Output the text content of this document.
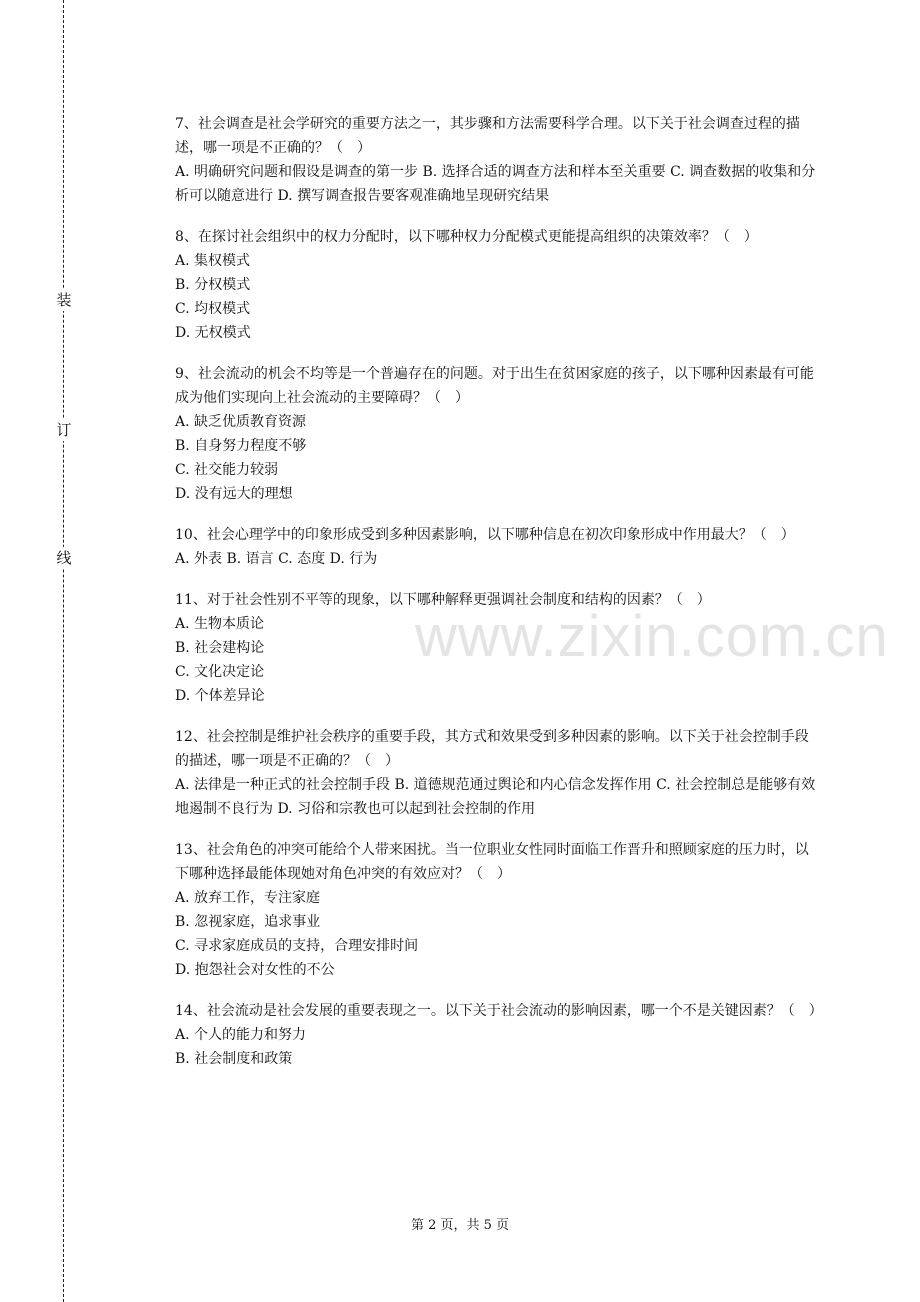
装
订
线
www.zixin.com.cn

7、社会调查是社会学研究的重要方法之一，其步骤和方法需要科学合理。以下关于社会调查过程的描述，哪一项是不正确的？（　）

A. 明确研究问题和假设是调查的第一步 B. 选择合适的调查方法和样本至关重要 C. 调查数据的收集和分析可以随意进行 D. 撰写调查报告要客观准确地呈现研究结果

8、在探讨社会组织中的权力分配时，以下哪种权力分配模式更能提高组织的决策效率？（　）

A. 集权模式
B. 分权模式
C. 均权模式
D. 无权模式

9、社会流动的机会不均等是一个普遍存在的问题。对于出生在贫困家庭的孩子，以下哪种因素最有可能成为他们实现向上社会流动的主要障碍？（　）

A. 缺乏优质教育资源
B. 自身努力程度不够
C. 社交能力较弱
D. 没有远大的理想

10、社会心理学中的印象形成受到多种因素影响，以下哪种信息在初次印象形成中作用最大？（　）

A. 外表 B. 语言 C. 态度 D. 行为

11、对于社会性别不平等的现象，以下哪种解释更强调社会制度和结构的因素？（　）

A. 生物本质论
B. 社会建构论
C. 文化决定论
D. 个体差异论

12、社会控制是维护社会秩序的重要手段，其方式和效果受到多种因素的影响。以下关于社会控制手段的描述，哪一项是不正确的？（　）

A. 法律是一种正式的社会控制手段 B. 道德规范通过舆论和内心信念发挥作用 C. 社会控制总是能够有效地遏制不良行为 D. 习俗和宗教也可以起到社会控制的作用

13、社会角色的冲突可能给个人带来困扰。当一位职业女性同时面临工作晋升和照顾家庭的压力时，以下哪种选择最能体现她对角色冲突的有效应对？（　）

A. 放弃工作，专注家庭
B. 忽视家庭，追求事业
C. 寻求家庭成员的支持，合理安排时间
D. 抱怨社会对女性的不公

14、社会流动是社会发展的重要表现之一。以下关于社会流动的影响因素，哪一个不是关键因素？（　）

A. 个人的能力和努力
B. 社会制度和政策
第 2 页，共 5 页
